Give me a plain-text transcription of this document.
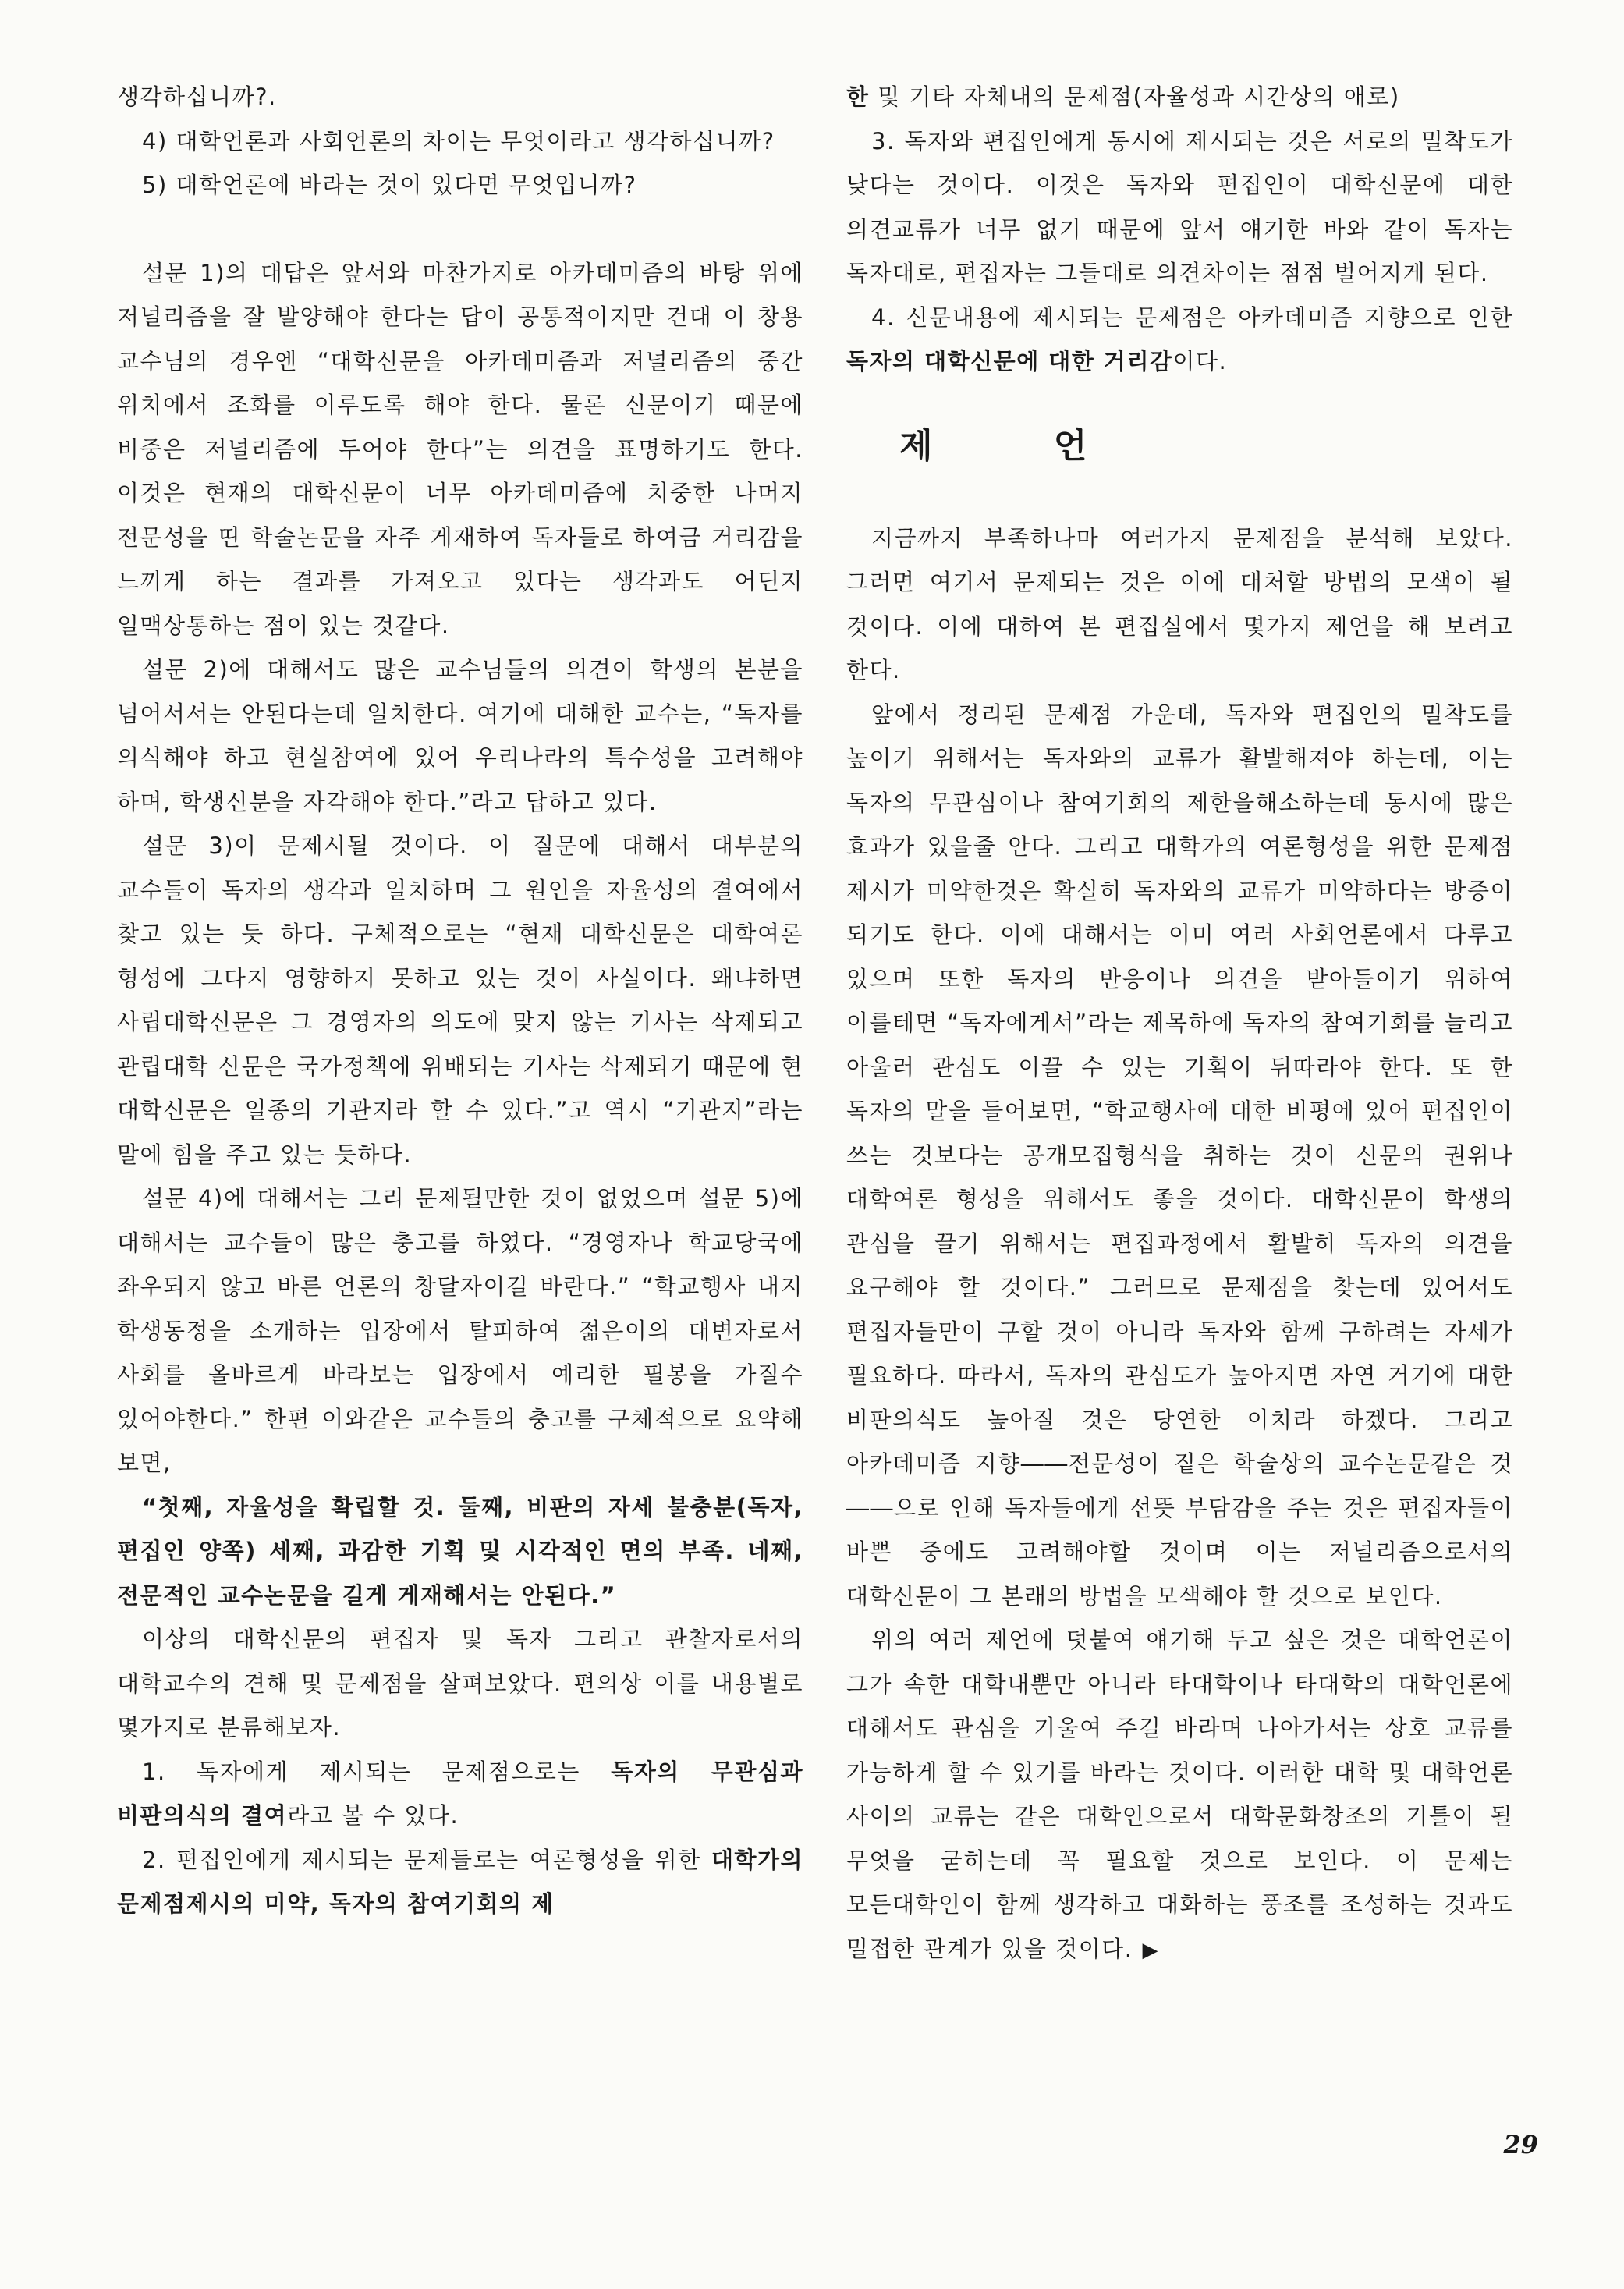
생각하십니까?.

4) 대학언론과 사회언론의 차이는 무엇이라고 생각하십니까?

5) 대학언론에 바라는 것이 있다면 무엇입니까?

설문 1)의 대답은 앞서와 마찬가지로 아카데미즘의 바탕 위에 저널리즘을 잘 발양해야 한다는 답이 공통적이지만 건대 이 창용 교수님의 경우엔 “대학신문을 아카데미즘과 저널리즘의 중간 위치에서 조화를 이루도록 해야 한다. 물론 신문이기 때문에 비중은 저널리즘에 두어야 한다”는 의견을 표명하기도 한다. 이것은 현재의 대학신문이 너무 아카데미즘에 치중한 나머지 전문성을 띤 학술논문을 자주 게재하여 독자들로 하여금 거리감을 느끼게 하는 결과를 가져오고 있다는 생각과도 어딘지 일맥상통하는 점이 있는 것같다.

설문 2)에 대해서도 많은 교수님들의 의견이 학생의 본분을 넘어서서는 안된다는데 일치한다. 여기에 대해한 교수는, “독자를 의식해야 하고 현실참여에 있어 우리나라의 특수성을 고려해야 하며, 학생신분을 자각해야 한다.”라고 답하고 있다.

설문 3)이 문제시될 것이다. 이 질문에 대해서 대부분의 교수들이 독자의 생각과 일치하며 그 원인을 자율성의 결여에서 찾고 있는 듯 하다. 구체적으로는 “현재 대학신문은 대학여론 형성에 그다지 영향하지 못하고 있는 것이 사실이다. 왜냐하면 사립대학신문은 그 경영자의 의도에 맞지 않는 기사는 삭제되고 관립대학 신문은 국가정책에 위배되는 기사는 삭제되기 때문에 현 대학신문은 일종의 기관지라 할 수 있다.”고 역시 “기관지”라는 말에 힘을 주고 있는 듯하다.

설문 4)에 대해서는 그리 문제될만한 것이 없었으며 설문 5)에 대해서는 교수들이 많은 충고를 하였다. “경영자나 학교당국에 좌우되지 않고 바른 언론의 창달자이길 바란다.” “학교행사 내지 학생동정을 소개하는 입장에서 탈피하여 젊은이의 대변자로서 사회를 올바르게 바라보는 입장에서 예리한 필봉을 가질수 있어야한다.” 한편 이와같은 교수들의 충고를 구체적으로 요약해 보면,

“첫째, 자율성을 확립할 것. 둘째, 비판의 자세 불충분(독자, 편집인 양쪽) 세째, 과감한 기획 및 시각적인 면의 부족. 네째, 전문적인 교수논문을 길게 게재해서는 안된다.”

이상의 대학신문의 편집자 및 독자 그리고 관찰자로서의 대학교수의 견해 및 문제점을 살펴보았다. 편의상 이를 내용별로 몇가지로 분류해보자.

1. 독자에게 제시되는 문제점으로는 독자의 무관심과 비판의식의 결여라고 볼 수 있다.

2. 편집인에게 제시되는 문제들로는 여론형성을 위한 대학가의 문제점제시의 미약, 독자의 참여기회의 제

한 및 기타 자체내의 문제점(자율성과 시간상의 애로)

3. 독자와 편집인에게 동시에 제시되는 것은 서로의 밀착도가 낮다는 것이다. 이것은 독자와 편집인이 대학신문에 대한 의견교류가 너무 없기 때문에 앞서 얘기한 바와 같이 독자는 독자대로, 편집자는 그들대로 의견차이는 점점 벌어지게 된다.

4. 신문내용에 제시되는 문제점은 아카데미즘 지향으로 인한 독자의 대학신문에 대한 거리감이다.

제 언

지금까지 부족하나마 여러가지 문제점을 분석해 보았다. 그러면 여기서 문제되는 것은 이에 대처할 방법의 모색이 될 것이다. 이에 대하여 본 편집실에서 몇가지 제언을 해 보려고 한다.

앞에서 정리된 문제점 가운데, 독자와 편집인의 밀착도를 높이기 위해서는 독자와의 교류가 활발해져야 하는데, 이는 독자의 무관심이나 참여기회의 제한을해소하는데 동시에 많은 효과가 있을줄 안다. 그리고 대학가의 여론형성을 위한 문제점 제시가 미약한것은 확실히 독자와의 교류가 미약하다는 방증이 되기도 한다. 이에 대해서는 이미 여러 사회언론에서 다루고 있으며 또한 독자의 반응이나 의견을 받아들이기 위하여 이를테면 “독자에게서”라는 제목하에 독자의 참여기회를 늘리고 아울러 관심도 이끌 수 있는 기획이 뒤따라야 한다. 또 한 독자의 말을 들어보면, “학교행사에 대한 비평에 있어 편집인이 쓰는 것보다는 공개모집형식을 취하는 것이 신문의 권위나 대학여론 형성을 위해서도 좋을 것이다. 대학신문이 학생의 관심을 끌기 위해서는 편집과정에서 활발히 독자의 의견을 요구해야 할 것이다.” 그러므로 문제점을 찾는데 있어서도 편집자들만이 구할 것이 아니라 독자와 함께 구하려는 자세가 필요하다. 따라서, 독자의 관심도가 높아지면 자연 거기에 대한 비판의식도 높아질 것은 당연한 이치라 하겠다. 그리고 아카데미즘 지향――전문성이 짙은 학술상의 교수논문같은 것――으로 인해 독자들에게 선뜻 부담감을 주는 것은 편집자들이 바쁜 중에도 고려해야할 것이며 이는 저널리즘으로서의 대학신문이 그 본래의 방법을 모색해야 할 것으로 보인다.

위의 여러 제언에 덧붙여 얘기해 두고 싶은 것은 대학언론이 그가 속한 대학내뿐만 아니라 타대학이나 타대학의 대학언론에 대해서도 관심을 기울여 주길 바라며 나아가서는 상호 교류를 가능하게 할 수 있기를 바라는 것이다. 이러한 대학 및 대학언론 사이의 교류는 같은 대학인으로서 대학문화창조의 기틀이 될 무엇을 굳히는데 꼭 필요할 것으로 보인다. 이 문제는 모든대학인이 함께 생각하고 대화하는 풍조를 조성하는 것과도 밀접한 관계가 있을 것이다. ▶

29
